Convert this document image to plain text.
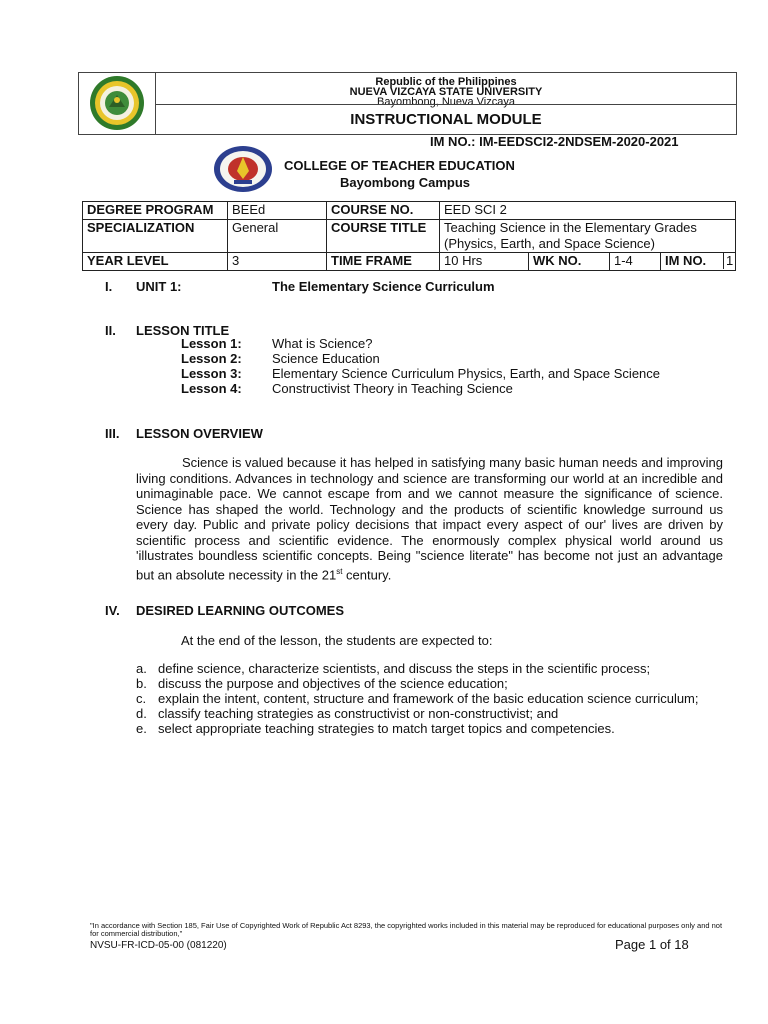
Republic of the Philippines
NUEVA VIZCAYA STATE UNIVERSITY
Bayombong, Nueva Vizcaya
INSTRUCTIONAL MODULE
IM NO.: IM-EEDSCI2-2NDSEM-2020-2021
COLLEGE OF TEACHER EDUCATION
Bayombong Campus
DEGREE PROGRAM	BEEd	COURSE NO.	EED SCI 2			
SPECIALIZATION	General	COURSE TITLE	Teaching Science in the Elementary Grades
(Physics, Earth, and Space Science)			

YEAR LEVEL	3	TIME FRAME	10 Hrs	WK NO.	1-4	IM NO. 1
I. UNIT 1:	The Elementary Science Curriculum
II. LESSON TITLE
Lesson 1: What is Science?
Lesson 2: Science Education
Lesson 3: Elementary Science Curriculum Physics, Earth, and Space Science
Lesson 4: Constructivist Theory in Teaching Science
III. LESSON OVERVIEW

Science is valued because it has helped in satisfying many basic human needs and improving living conditions. Advances in technology and science are transforming our world at an incredible and unimaginable pace. We cannot escape from and we cannot measure the significance of science. Science has shaped the world. Technology and the products of scientific knowledge surround us every day. Public and private policy decisions that impact every aspect of our' lives are driven by scientific process and scientific evidence. The enormously complex physical world around us 'illustrates boundless scientific concepts. Being "science literate" has become not just an advantage but an absolute necessity in the 21st century.

IV. DESIRED LEARNING OUTCOMES
At the end of the lesson, the students are expected to:
a. define science, characterize scientists, and discuss the steps in the scientific process;
b. discuss the purpose and objectives of the science education;
c. explain the intent, content, structure and framework of the basic education science curriculum;
d. classify teaching strategies as constructivist or non-constructivist; and
e. select appropriate teaching strategies to match target topics and competencies.
"In accordance with Section 185, Fair Use of Copyrighted Work of Republic Act 8293, the copyrighted works included in this material may be reproduced for educational purposes only and not for commercial distribution,"
NVSU-FR-ICD-05-00 (081220)	Page 1 of 18
